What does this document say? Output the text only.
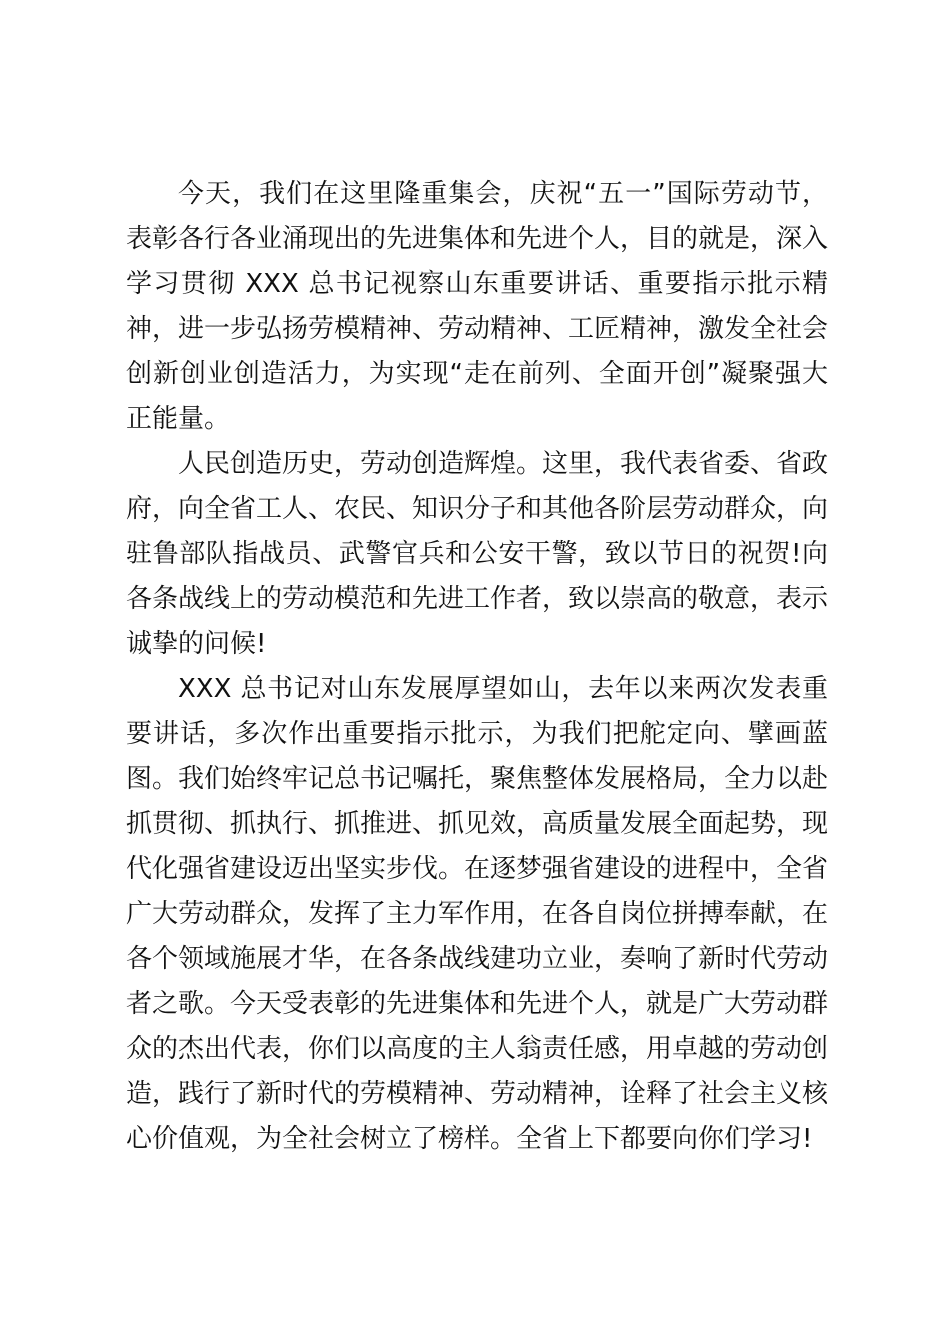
今天，我们在这里隆重集会，庆祝“五一”国际劳动节，表彰各行各业涌现出的先进集体和先进个人，目的就是，深入学习贯彻 XXX 总书记视察山东重要讲话、重要指示批示精神，进一步弘扬劳模精神、劳动精神、工匠精神，激发全社会创新创业创造活力，为实现“走在前列、全面开创”凝聚强大正能量。

人民创造历史，劳动创造辉煌。这里，我代表省委、省政府，向全省工人、农民、知识分子和其他各阶层劳动群众，向驻鲁部队指战员、武警官兵和公安干警，致以节日的祝贺!向各条战线上的劳动模范和先进工作者，致以崇高的敬意，表示诚挚的问候!

XXX 总书记对山东发展厚望如山，去年以来两次发表重要讲话，多次作出重要指示批示，为我们把舵定向、擘画蓝图。我们始终牢记总书记嘱托，聚焦整体发展格局，全力以赴抓贯彻、抓执行、抓推进、抓见效，高质量发展全面起势，现代化强省建设迈出坚实步伐。在逐梦强省建设的进程中，全省广大劳动群众，发挥了主力军作用，在各自岗位拼搏奉献，在各个领域施展才华，在各条战线建功立业，奏响了新时代劳动者之歌。今天受表彰的先进集体和先进个人，就是广大劳动群众的杰出代表，你们以高度的主人翁责任感，用卓越的劳动创造，践行了新时代的劳模精神、劳动精神，诠释了社会主义核心价值观，为全社会树立了榜样。全省上下都要向你们学习!
